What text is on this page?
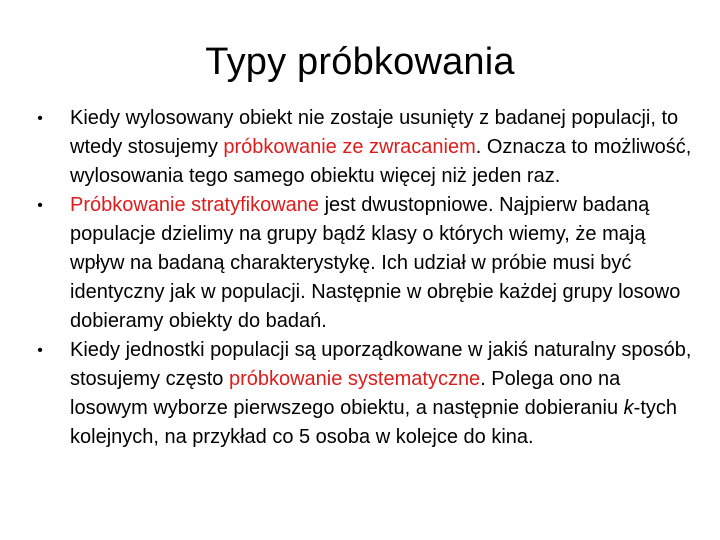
Typy próbkowania
•	Kiedy wylosowany obiekt nie zostaje usunięty z badanej populacji, to wtedy stosujemy próbkowanie ze zwracaniem. Oznacza to możliwość, wylosowania tego samego obiektu więcej niż jeden raz.
•	Próbkowanie stratyfikowane jest dwustopniowe. Najpierw badaną populacje dzielimy na grupy bądź klasy o których wiemy, że mają wpływ na badaną charakterystykę. Ich udział w próbie musi być identyczny jak w populacji. Następnie w obrębie każdej grupy losowo dobieramy obiekty do badań.
•	Kiedy jednostki populacji są uporządkowane w jakiś naturalny sposób, stosujemy często próbkowanie systematyczne. Polega ono na losowym wyborze pierwszego obiektu, a następnie dobieraniu k-tych kolejnych, na przykład co 5 osoba w kolejce do kina.
